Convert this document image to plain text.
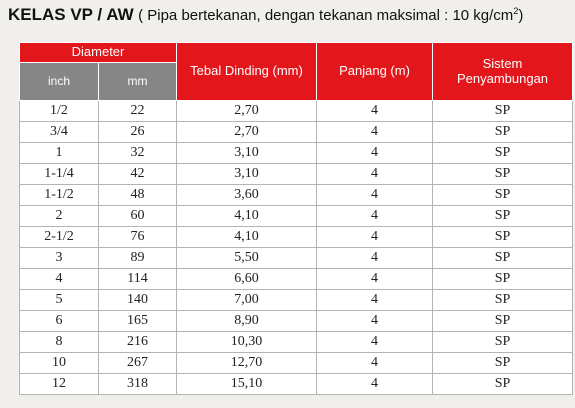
KELAS VP / AW ( Pipa bertekanan, dengan tekanan maksimal : 10 $kg/cm^2$)
Diameter		Tebal Dinding (mm)	Panjang (m)	Sistem
Penyambungan
inch	mm			
1/2	22	2,70	4	SP
3/4	26	2,70	4	SP
1	32	3,10	4	SP
1-1/4	42	3,10	4	SP
1-1/2	48	3,60	4	SP
2	60	4,10	4	SP
2-1/2	76	4,10	4	SP
3	89	5,50	4	SP
4	114	6,60	4	SP
5	140	7,00	4	SP
6	165	8,90	4	SP
8	216	10,30	4	SP
10	267	12,70	4	SP
12	318	15,10	4	SP
